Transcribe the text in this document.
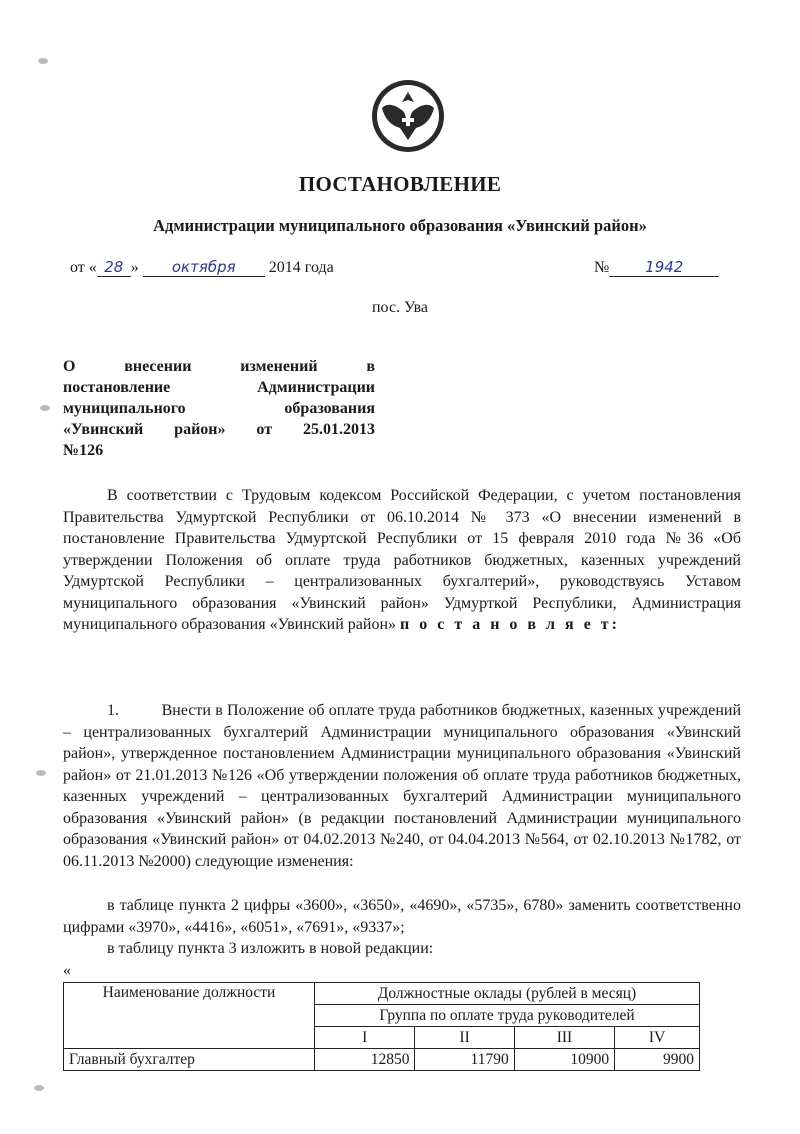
ПОСТАНОВЛЕНИЕ
Администрации муниципального образования «Увинский район»
от « 28 » октября 2014 года	№ 1942
пос. Ува
О внесении изменений в
постановление Администрации
муниципального образования
«Увинский район» от 25.01.2013
№126
В соответствии с Трудовым кодексом Российской Федерации, с учетом постановления Правительства Удмуртской Республики от 06.10.2014 № 373 «О внесении изменений в постановление Правительства Удмуртской Республики от 15 февраля 2010 года №36 «Об утверждении Положения об оплате труда работников бюджетных, казенных учреждений Удмуртской Республики – централизованных бухгалтерий», руководствуясь Уставом муниципального образования «Увинский район» Удмурткой Республики, Администрация муниципального образования «Увинский район» п о с т а н о в л я е т:
1.	Внести в Положение об оплате труда работников бюджетных, казенных учреждений – централизованных бухгалтерий Администрации муниципального образования «Увинский район», утвержденное постановлением Администрации муниципального образования «Увинский район» от 21.01.2013 №126 «Об утверждении положения об оплате труда работников бюджетных, казенных учреждений – централизованных бухгалтерий Администрации муниципального образования «Увинский район» (в редакции постановлений Администрации муниципального образования «Увинский район» от 04.02.2013 №240, от 04.04.2013 №564, от 02.10.2013 №1782, от 06.11.2013 №2000) следующие изменения:
в таблице пункта 2 цифры «3600», «3650», «4690», «5735», 6780» заменить соответственно цифрами «3970», «4416», «6051», «7691», «9337»;
в таблицу пункта 3 изложить в новой редакции:
«
Наименование должности	Должностные оклады (рублей в месяц)			
	Группа по оплате труда руководителей			
	I	II	III	IV
Главный бухгалтер	12850	11790	10900	9900
